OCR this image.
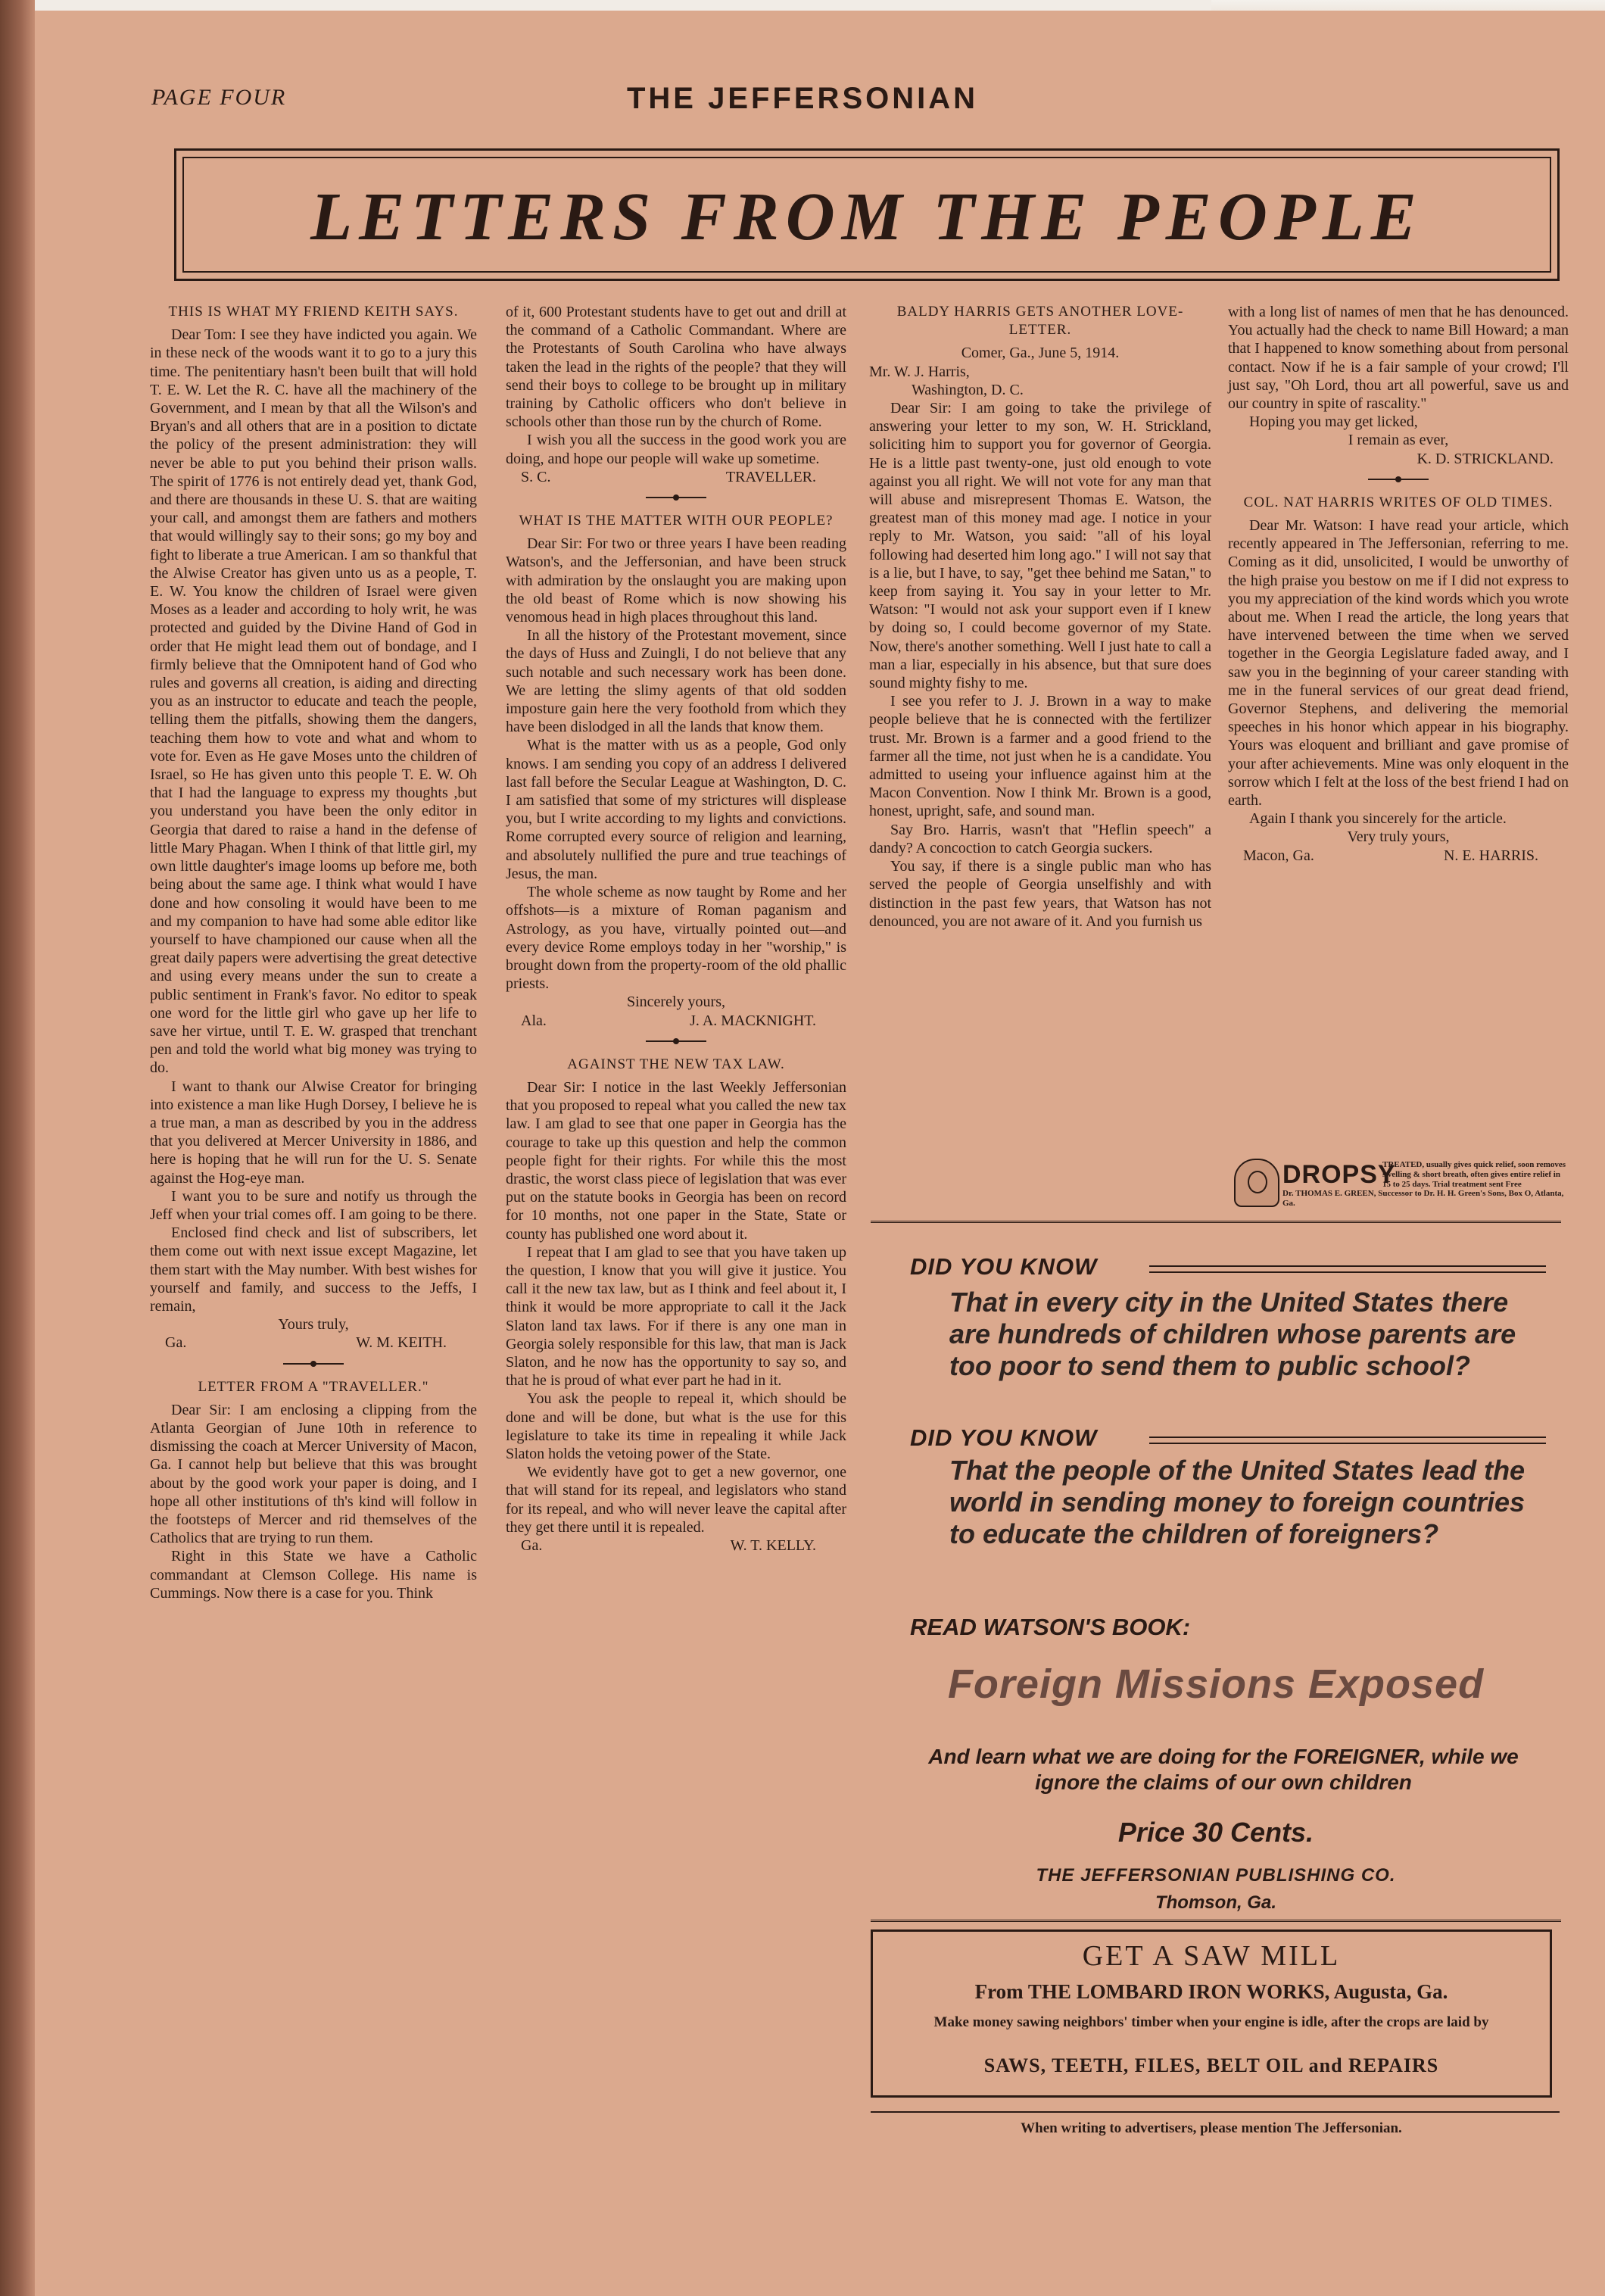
PAGE FOUR	THE JEFFERSONIAN
LETTERS FROM THE PEOPLE
THIS IS WHAT MY FRIEND KEITH SAYS.

Dear Tom: I see they have indicted you again. We in these neck of the woods want it to go to a jury this time. The penitentiary hasn't been built that will hold T. E. W. Let the R. C. have all the machinery of the Government, and I mean by that all the Wilson's and Bryan's and all others that are in a position to dictate the policy of the present administration: they will never be able to put you behind their prison walls. The spirit of 1776 is not entirely dead yet, thank God, and there are thousands in these U. S. that are waiting your call, and amongst them are fathers and mothers that would willingly say to their sons; go my boy and fight to liberate a true American. I am so thankful that the Alwise Creator has given unto us as a people, T. E. W. You know the children of Israel were given Moses as a leader and according to holy writ, he was protected and guided by the Divine Hand of God in order that He might lead them out of bondage, and I firmly believe that the Omnipotent hand of God who rules and governs all creation, is aiding and directing you as an instructor to educate and teach the people, telling them the pitfalls, showing them the dangers, teaching them how to vote and what and whom to vote for. Even as He gave Moses unto the children of Israel, so He has given unto this people T. E. W. Oh that I had the language to express my thoughts ,but you understand you have been the only editor in Georgia that dared to raise a hand in the defense of little Mary Phagan. When I think of that little girl, my own little daughter's image looms up before me, both being about the same age. I think what would I have done and how consoling it would have been to me and my companion to have had some able editor like yourself to have championed our cause when all the great daily papers were advertising the great detective and using every means under the sun to create a public sentiment in Frank's favor. No editor to speak one word for the little girl who gave up her life to save her virtue, until T. E. W. grasped that trenchant pen and told the world what big money was trying to do.

I want to thank our Alwise Creator for bringing into existence a man like Hugh Dorsey, I believe he is a true man, a man as described by you in the address that you delivered at Mercer University in 1886, and here is hoping that he will run for the U. S. Senate against the Hog-eye man.

I want you to be sure and notify us through the Jeff when your trial comes off. I am going to be there.

Enclosed find check and list of subscribers, let them come out with next issue except Magazine, let them start with the May number. With best wishes for yourself and family, and success to the Jeffs, I remain,

Yours truly,
Ga.	W. M. KEITH.
LETTER FROM A "TRAVELLER."

Dear Sir: I am enclosing a clipping from the Atlanta Georgian of June 10th in reference to dismissing the coach at Mercer University of Macon, Ga. I cannot help but believe that this was brought about by the good work your paper is doing, and I hope all other institutions of th's kind will follow in the footsteps of Mercer and rid themselves of the Catholics that are trying to run them.

Right in this State we have a Catholic commandant at Clemson College. His name is Cummings. Now there is a case for you. Think

of it, 600 Protestant students have to get out and drill at the command of a Catholic Commandant. Where are the Protestants of South Carolina who have always taken the lead in the rights of the people? that they will send their boys to college to be brought up in military training by Catholic officers who don't believe in schools other than those run by the church of Rome.

I wish you all the success in the good work you are doing, and hope our people will wake up sometime.

S. C.	TRAVELLER.
WHAT IS THE MATTER WITH OUR PEOPLE?

Dear Sir: For two or three years I have been reading Watson's, and the Jeffersonian, and have been struck with admiration by the onslaught you are making upon the old beast of Rome which is now showing his venomous head in high places throughout this land.

In all the history of the Protestant movement, since the days of Huss and Zuingli, I do not believe that any such notable and such necessary work has been done. We are letting the slimy agents of that old sodden imposture gain here the very foothold from which they have been dislodged in all the lands that know them.

What is the matter with us as a people, God only knows. I am sending you copy of an address I delivered last fall before the Secular League at Washington, D. C. I am satisfied that some of my strictures will displease you, but I write according to my lights and convictions. Rome corrupted every source of religion and learning, and absolutely nullified the pure and true teachings of Jesus, the man.

The whole scheme as now taught by Rome and her offshots—is a mixture of Roman paganism and Astrology, as you have, virtually pointed out—and every device Rome employs today in her "worship," is brought down from the property-room of the old phallic priests.

Sincerely yours,
Ala.	J. A. MACKNIGHT.
AGAINST THE NEW TAX LAW.

Dear Sir: I notice in the last Weekly Jeffersonian that you proposed to repeal what you called the new tax law. I am glad to see that one paper in Georgia has the courage to take up this question and help the common people fight for their rights. For while this the most drastic, the worst class piece of legislation that was ever put on the statute books in Georgia has been on record for 10 months, not one paper in the State, State or county has published one word about it.

I repeat that I am glad to see that you have taken up the question, I know that you will give it justice. You call it the new tax law, but as I think and feel about it, I think it would be more appropriate to call it the Jack Slaton land tax laws. For if there is any one man in Georgia solely responsible for this law, that man is Jack Slaton, and he now has the opportunity to say so, and that he is proud of what ever part he had in it.

You ask the people to repeal it, which should be done and will be done, but what is the use for this legislature to take its time in repealing it while Jack Slaton holds the vetoing power of the State.

We evidently have got to get a new governor, one that will stand for its repeal, and legislators who stand for its repeal, and who will never leave the capital after they get there until it is repealed.

Ga.	W. T. KELLY.
BALDY HARRIS GETS ANOTHER LOVE-LETTER.
Comer, Ga., June 5, 1914.
Mr. W. J. Harris,
Washington, D. C.

Dear Sir: I am going to take the privilege of answering your letter to my son, W. H. Strickland, soliciting him to support you for governor of Georgia. He is a little past twenty-one, just old enough to vote against you all right. We will not vote for any man that will abuse and misrepresent Thomas E. Watson, the greatest man of this money mad age. I notice in your reply to Mr. Watson, you said: "all of his loyal following had deserted him long ago." I will not say that is a lie, but I have, to say, "get thee behind me Satan," to keep from saying it. You say in your letter to Mr. Watson: "I would not ask your support even if I knew by doing so, I could become governor of my State. Now, there's another something. Well I just hate to call a man a liar, especially in his absence, but that sure does sound mighty fishy to me.

I see you refer to J. J. Brown in a way to make people believe that he is connected with the fertilizer trust. Mr. Brown is a farmer and a good friend to the farmer all the time, not just when he is a candidate. You admitted to useing your influence against him at the Macon Convention. Now I think Mr. Brown is a good, honest, upright, safe, and sound man.

Say Bro. Harris, wasn't that "Heflin speech" a dandy? A concoction to catch Georgia suckers.

You say, if there is a single public man who has served the people of Georgia unselfishly and with distinction in the past few years, that Watson has not denounced, you are not aware of it. And you furnish us

with a long list of names of men that he has denounced. You actually had the check to name Bill Howard; a man that I happened to know something about from personal contact. Now if he is a fair sample of your crowd; I'll just say, "Oh Lord, thou art all powerful, save us and our country in spite of rascality."

Hoping you may get licked,

I remain as ever,
K. D. STRICKLAND.
COL. NAT HARRIS WRITES OF OLD TIMES.

Dear Mr. Watson: I have read your article, which recently appeared in The Jeffersonian, referring to me. Coming as it did, unsolicited, I would be unworthy of the high praise you bestow on me if I did not express to you my appreciation of the kind words which you wrote about me. When I read the article, the long years that have intervened between the time when we served together in the Georgia Legislature faded away, and I saw you in the beginning of your career standing with me in the funeral services of our great dead friend, Governor Stephens, and delivering the memorial speeches in his honor which appear in his biography. Yours was eloquent and brilliant and gave promise of your after achievements. Mine was only eloquent in the sorrow which I felt at the loss of the best friend I had on earth.

Again I thank you sincerely for the article.

Very truly yours,
Macon, Ga.	N. E. HARRIS.
DROPSY
TREATED, usually gives quick relief, soon removes swelling & short breath, often gives entire relief in 15 to 25 days. Trial treatment sent Free
Dr. THOMAS E. GREEN, Successor to Dr. H. H. Green's Sons, Box O, Atlanta, Ga.
DID YOU KNOW
That in every city in the United States there are hundreds of children whose parents are too poor to send them to public school?
DID YOU KNOW
That the people of the United States lead the world in sending money to foreign countries to educate the children of foreigners?
READ WATSON'S BOOK:
Foreign Missions Exposed
And learn what we are doing for the FOREIGNER, while we ignore the claims of our own children
Price 30 Cents.
THE JEFFERSONIAN PUBLISHING CO.
Thomson, Ga.
GET A SAW MILL
From THE LOMBARD IRON WORKS, Augusta, Ga.
Make money sawing neighbors' timber when your engine is idle, after the crops are laid by
SAWS, TEETH, FILES, BELT OIL and REPAIRS
When writing to advertisers, please mention The Jeffersonian.
